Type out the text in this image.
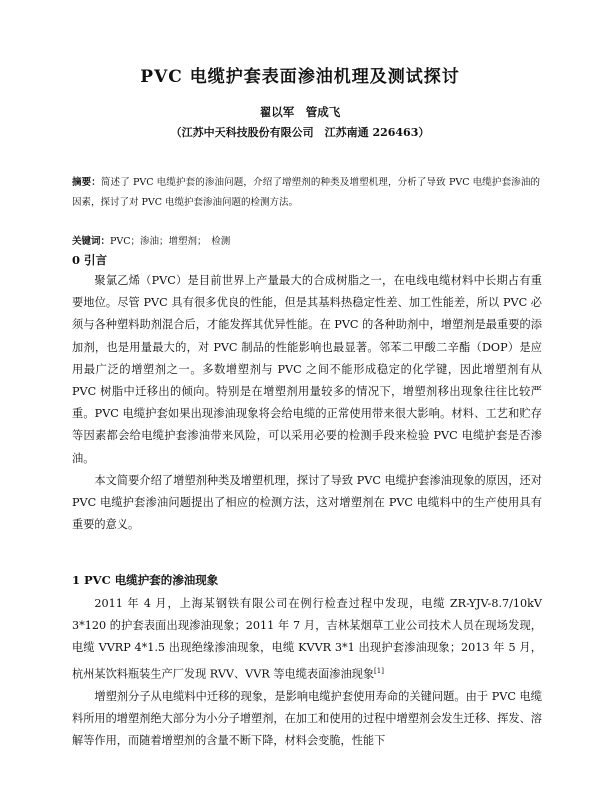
PVC 电缆护套表面渗油机理及测试探讨
翟以军　管成飞
（江苏中天科技股份有限公司　江苏南通 226463）
摘要：简述了 PVC 电缆护套的渗油问题，介绍了增塑剂的种类及增塑机理，分析了导致 PVC 电缆护套渗油的因素，探讨了对 PVC 电缆护套渗油问题的检测方法。
关键词：PVC；渗油；增塑剂；　检测
0 引言

聚氯乙烯（PVC）是目前世界上产量最大的合成树脂之一，在电线电缆材料中长期占有重要地位。尽管 PVC 具有很多优良的性能，但是其基料热稳定性差、加工性能差，所以 PVC 必须与各种塑料助剂混合后，才能发挥其优异性能。在 PVC 的各种助剂中，增塑剂是最重要的添加剂，也是用量最大的，对 PVC 制品的性能影响也最显著。邻苯二甲酸二辛酯（DOP）是应用最广泛的增塑剂之一。多数增塑剂与 PVC 之间不能形成稳定的化学键，因此增塑剂有从 PVC 树脂中迁移出的倾向。特别是在增塑剂用量较多的情况下，增塑剂移出现象往往比较严重。PVC 电缆护套如果出现渗油现象将会给电缆的正常使用带来很大影响。材料、工艺和贮存等因素都会给电缆护套渗油带来风险，可以采用必要的检测手段来检验 PVC 电缆护套是否渗油。

本文简要介绍了增塑剂种类及增塑机理，探讨了导致 PVC 电缆护套渗油现象的原因，还对 PVC 电缆护套渗油问题提出了相应的检测方法，这对增塑剂在 PVC 电缆料中的生产使用具有重要的意义。

1 PVC 电缆护套的渗油现象

2011 年 4 月，上海某钢铁有限公司在例行检查过程中发现，电缆 ZR-YJV-8.7/10kV 3*120 的护套表面出现渗油现象；2011 年 7 月，吉林某烟草工业公司技术人员在现场发现，电缆 VVRP 4*1.5 出现绝缘渗油现象，电缆 KVVR 3*1 出现护套渗油现象；2013 年 5 月，杭州某饮料瓶装生产厂发现 RVV、VVR 等电缆表面渗油现象[1]

增塑剂分子从电缆料中迁移的现象，是影响电缆护套使用寿命的关键问题。由于 PVC 电缆料所用的增塑剂绝大部分为小分子增塑剂，在加工和使用的过程中增塑剂会发生迁移、挥发、溶解等作用，而随着增塑剂的含量不断下降，材料会变脆，性能下
